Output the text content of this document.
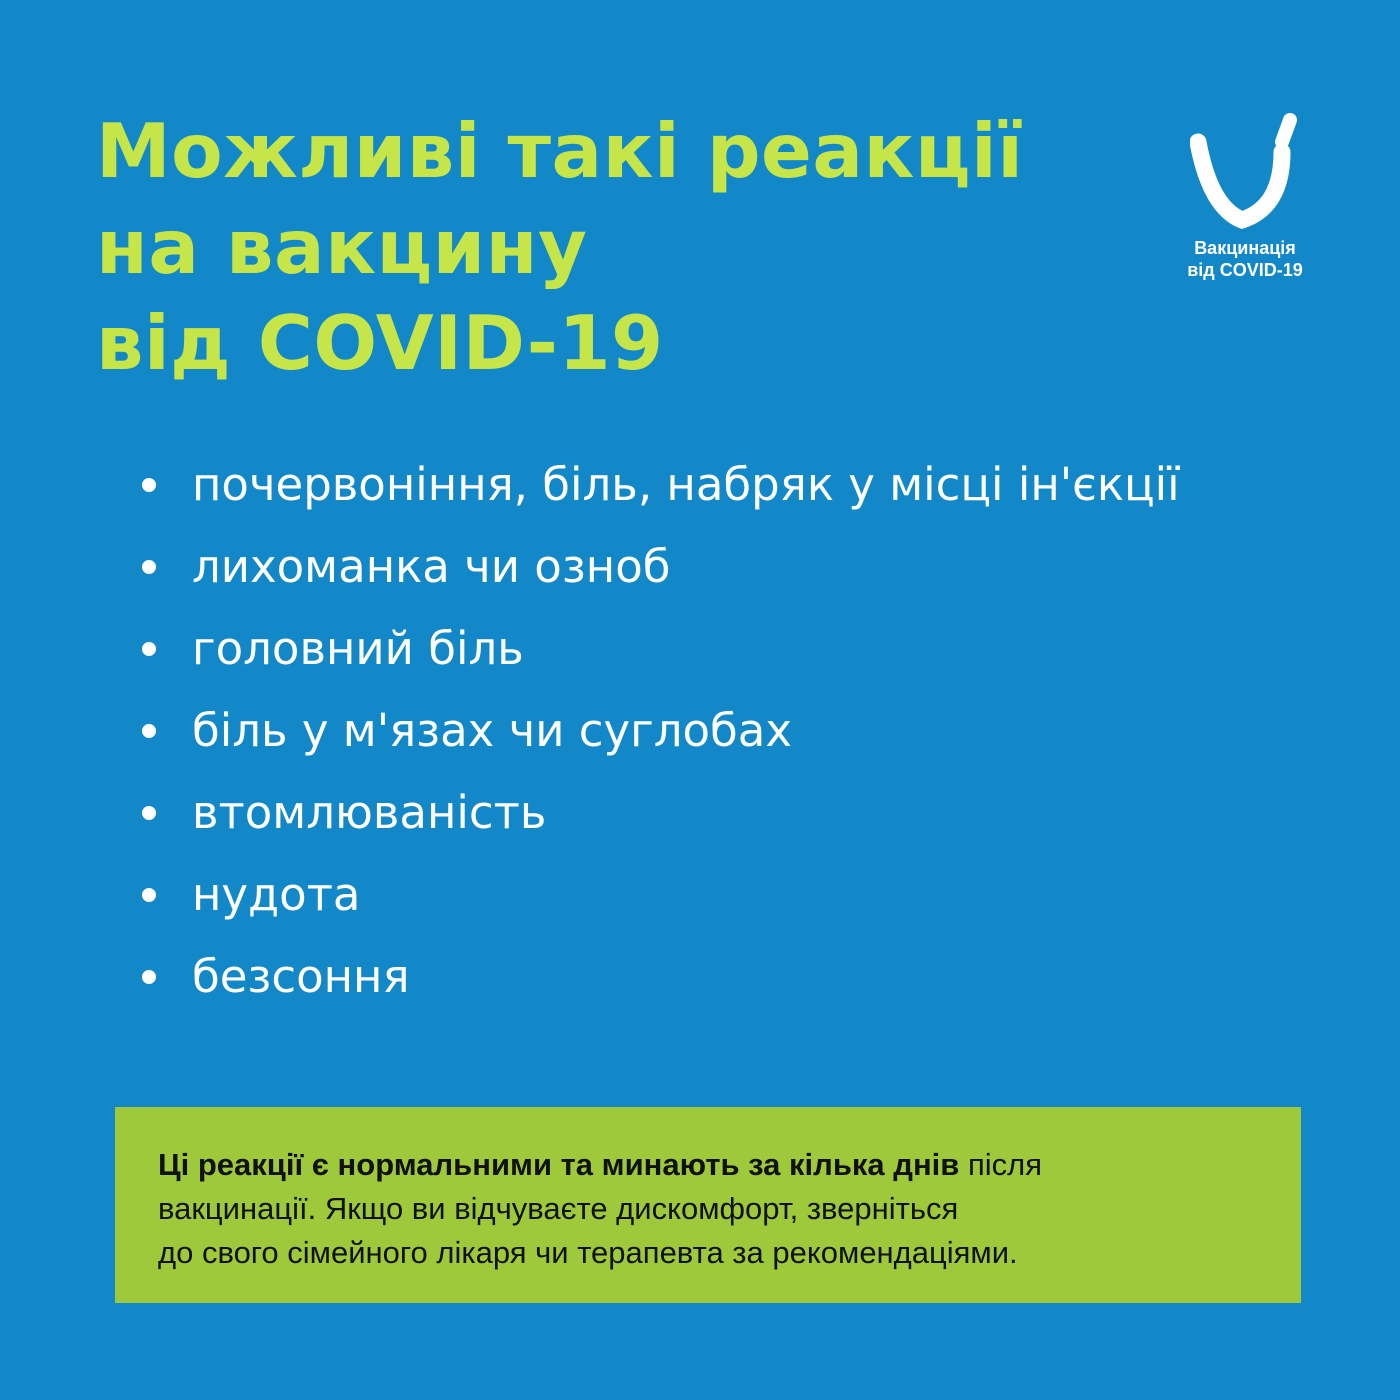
Можливі такі реакції
на вакцину
від COVID-19
Вакцинація
від COVID-19
почервоніння, біль, набряк у місці ін'єкції
лихоманка чи озноб
головний біль
біль у м'язах чи суглобах
втомлюваність
нудота
безсоння

Ці реакції є нормальними та минають за кілька днів після
вакцинації. Якщо ви відчуваєте дискомфорт, зверніться
до свого сімейного лікаря чи терапевта за рекомендаціями.
